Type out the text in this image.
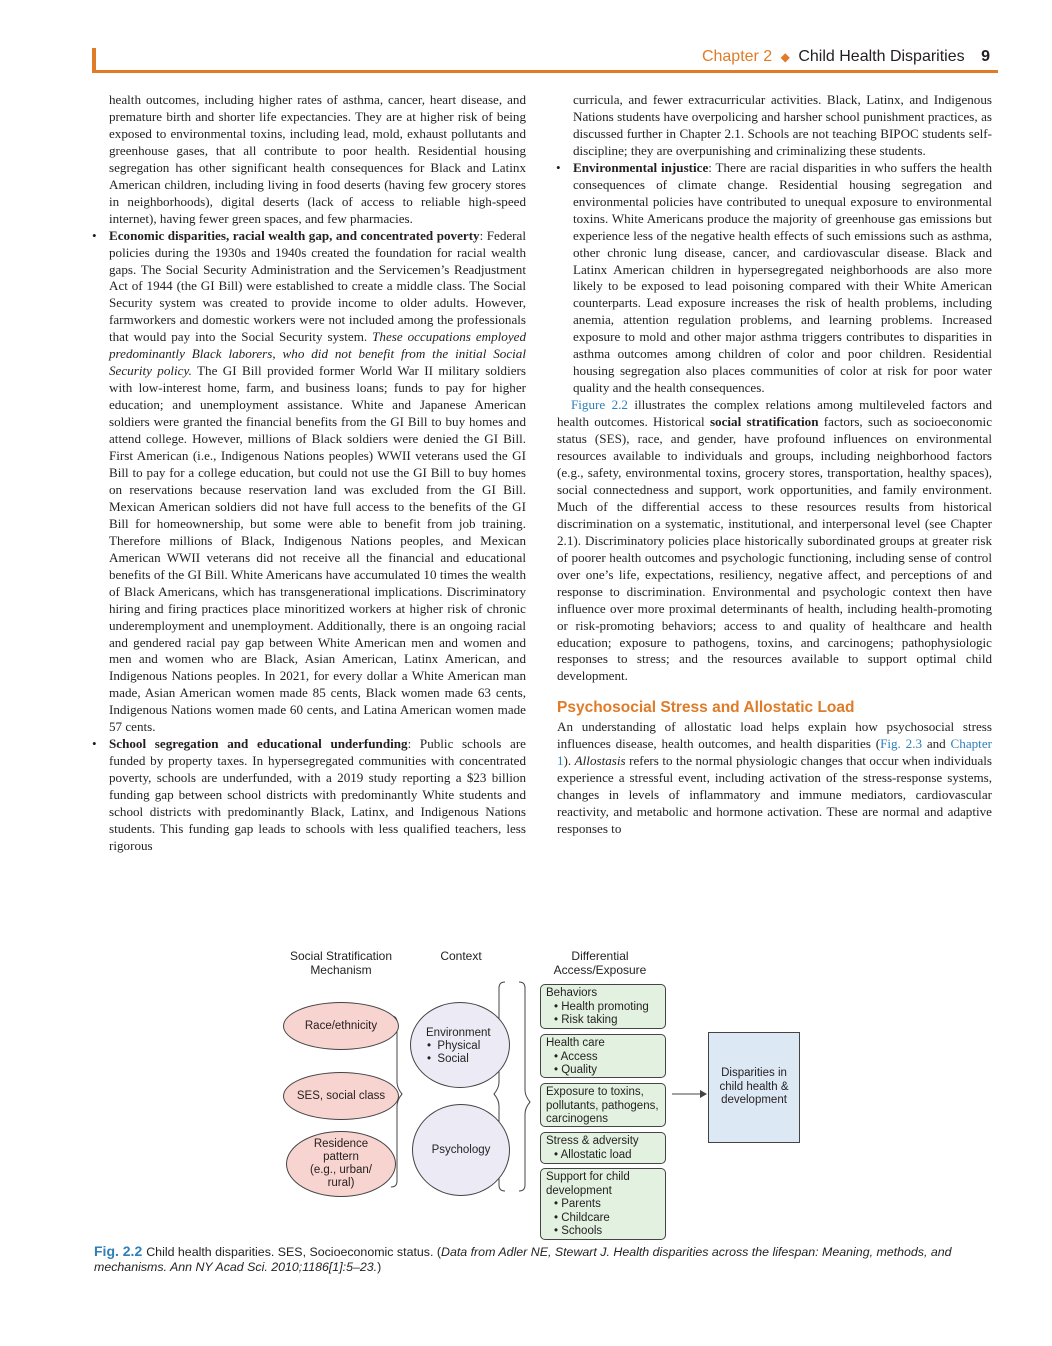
Chapter 2 ◆ Child Health Disparities 9

health outcomes, including higher rates of asthma, cancer, heart disease, and premature birth and shorter life expectancies. They are at higher risk of being exposed to environmental toxins, including lead, mold, exhaust pollutants and greenhouse gases, that all contribute to poor health. Residential housing segregation has other significant health consequences for Black and Latinx American children, including living in food deserts (having few grocery stores in neighborhoods), digital deserts (lack of access to reliable high-speed internet), having fewer green spaces, and few pharmacies.

• Economic disparities, racial wealth gap, and concentrated poverty: Federal policies during the 1930s and 1940s created the foundation for racial wealth gaps. The Social Security Administration and the Servicemen’s Readjustment Act of 1944 (the GI Bill) were established to create a middle class. The Social Security system was created to provide income to older adults. However, farmworkers and domestic workers were not included among the professionals that would pay into the Social Security system. These occupations employed predominantly Black laborers, who did not benefit from the initial Social Security policy. The GI Bill provided former World War II military soldiers with low-interest home, farm, and business loans; funds to pay for higher education; and unemployment assistance. White and Japanese American soldiers were granted the financial benefits from the GI Bill to buy homes and attend college. However, millions of Black soldiers were denied the GI Bill. First American (i.e., Indigenous Nations peoples) WWII veterans used the GI Bill to pay for a college education, but could not use the GI Bill to buy homes on reservations because reservation land was excluded from the GI Bill. Mexican American soldiers did not have full access to the benefits of the GI Bill for homeownership, but some were able to benefit from job training. Therefore millions of Black, Indigenous Nations peoples, and Mexican American WWII veterans did not receive all the financial and educational benefits of the GI Bill. White Americans have accumulated 10 times the wealth of Black Americans, which has transgenerational implications. Discriminatory hiring and firing practices place minoritized workers at higher risk of chronic underemployment and unemployment. Additionally, there is an ongoing racial and gendered racial pay gap between White American men and women and men and women who are Black, Asian American, Latinx American, and Indigenous Nations peoples. In 2021, for every dollar a White American man made, Asian American women made 85 cents, Black women made 63 cents, Indigenous Nations women made 60 cents, and Latina American women made 57 cents.
• School segregation and educational underfunding: Public schools are funded by property taxes. In hypersegregated communities with concentrated poverty, schools are underfunded, with a 2019 study reporting a $23 billion funding gap between school districts with predominantly White students and school districts with predominantly Black, Latinx, and Indigenous Nations students. This funding gap leads to schools with less qualified teachers, less rigorous

curricula, and fewer extracurricular activities. Black, Latinx, and Indigenous Nations students have overpolicing and harsher school punishment practices, as discussed further in Chapter 2.1. Schools are not teaching BIPOC students self-discipline; they are overpunishing and criminalizing these students.

• Environmental injustice: There are racial disparities in who suffers the health consequences of climate change. Residential housing segregation and environmental policies have contributed to unequal exposure to environmental toxins. White Americans produce the majority of greenhouse gas emissions but experience less of the negative health effects of such emissions such as asthma, other chronic lung disease, cancer, and cardiovascular disease. Black and Latinx American children in hypersegregated neighborhoods are also more likely to be exposed to lead poisoning compared with their White American counterparts. Lead exposure increases the risk of health problems, including anemia, attention regulation problems, and learning problems. Increased exposure to mold and other major asthma triggers contributes to disparities in asthma outcomes among children of color and poor children. Residential housing segregation also places communities of color at risk for poor water quality and the health consequences.

Figure 2.2 illustrates the complex relations among multileveled factors and health outcomes. Historical social stratification factors, such as socioeconomic status (SES), race, and gender, have profound influences on environmental resources available to individuals and groups, including neighborhood factors (e.g., safety, environmental toxins, grocery stores, transportation, healthy spaces), social connectedness and support, work opportunities, and family environment. Much of the differential access to these resources results from historical discrimination on a systematic, institutional, and interpersonal level (see Chapter 2.1). Discriminatory policies place historically subordinated groups at greater risk of poorer health outcomes and psychologic functioning, including sense of control over one’s life, expectations, resiliency, negative affect, and perceptions of and response to discrimination. Environmental and psychologic context then have influence over more proximal determinants of health, including health-promoting or risk-promoting behaviors; access to and quality of healthcare and health education; exposure to pathogens, toxins, and carcinogens; pathophysiologic responses to stress; and the resources available to support optimal child development.

Psychosocial Stress and Allostatic Load

An understanding of allostatic load helps explain how psychosocial stress influences disease, health outcomes, and health disparities (Fig. 2.3 and Chapter 1). Allostasis refers to the normal physiologic changes that occur when individuals experience a stressful event, including activation of the stress-response systems, changes in levels of inflammatory and immune mediators, cardiovascular reactivity, and metabolic and hormone activation. These are normal and adaptive responses to

Social Stratification
Mechanism
Context	Differential
Access/Exposure
Race/ethnicity
SES, social class
Residence
pattern
(e.g., urban/
rural)
Environment
•  Physical
•  Social
Psychology
Behaviors
• Health promoting
• Risk taking
Health care
• Access
• Quality
Exposure to toxins,
pollutants, pathogens,
carcinogens
Stress & adversity
• Allostatic load
Support for child
development
• Parents
• Childcare
• Schools
Disparities in
child health &
development
Fig. 2.2 Child health disparities. SES, Socioeconomic status. (Data from Adler NE, Stewart J. Health disparities across the lifespan: Meaning, methods, and mechanisms. Ann NY Acad Sci. 2010;1186[1]:5–23.)
